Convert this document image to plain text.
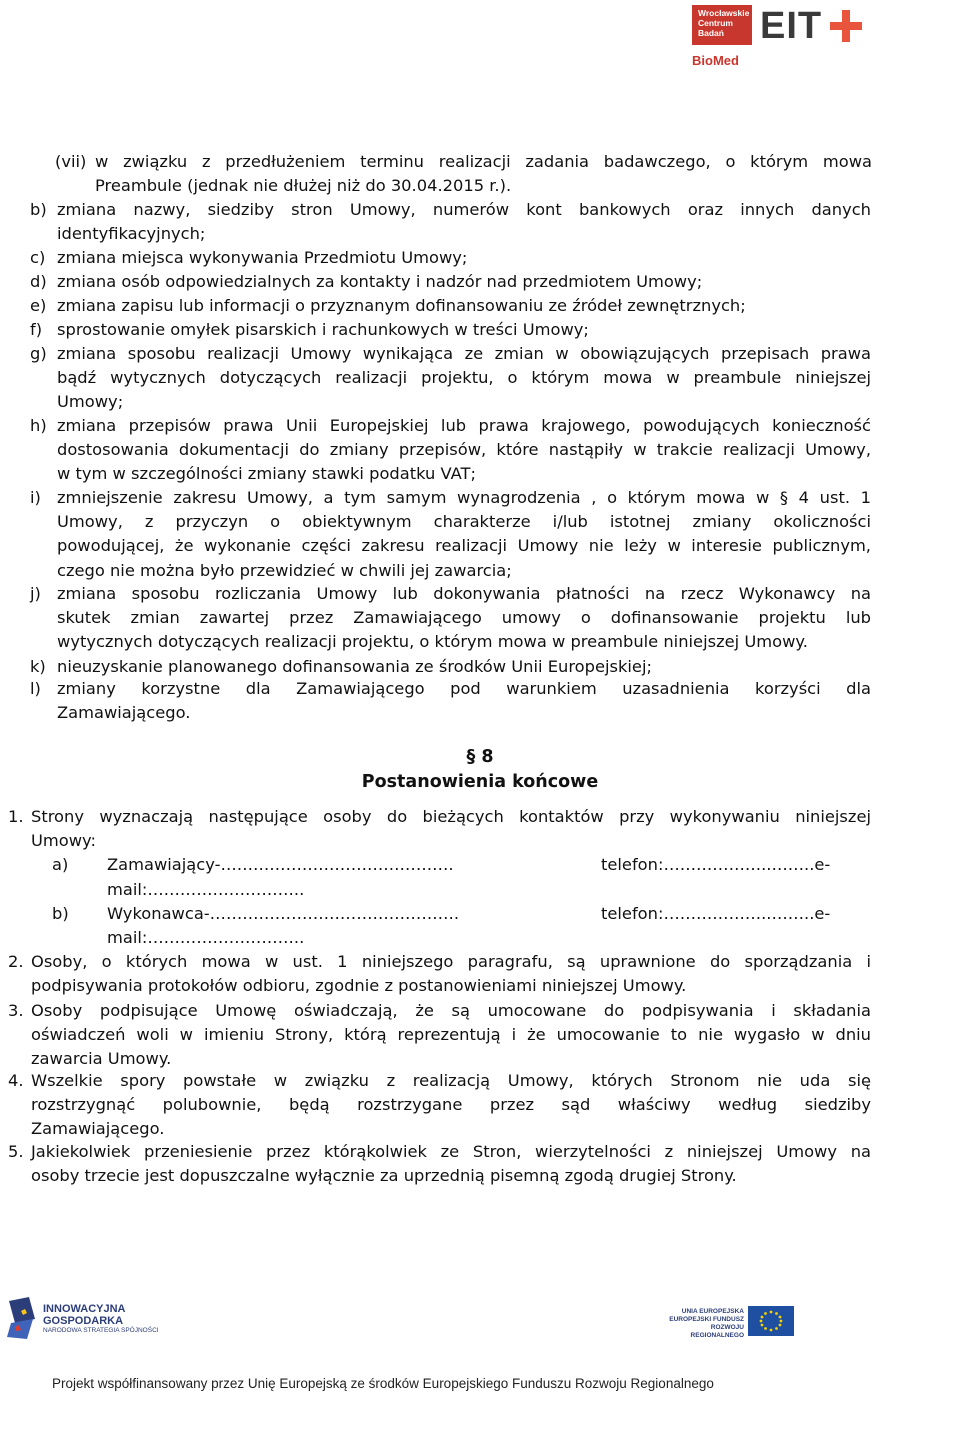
Wrocławskie
Centrum
Badań EIT
BioMed
(vii) w związku z przedłużeniem terminu realizacji zadania badawczego, o którym mowa
Preambule (jednak nie dłużej niż do 30.04.2015 r.).
b) zmiana nazwy, siedziby stron Umowy, numerów kont bankowych oraz innych danych
identyfikacyjnych;
c) zmiana miejsca wykonywania Przedmiotu Umowy;
d) zmiana osób odpowiedzialnych za kontakty i nadzór nad przedmiotem Umowy;
e) zmiana zapisu lub informacji o przyznanym dofinansowaniu ze źródeł zewnętrznych;
f) sprostowanie omyłek pisarskich i rachunkowych w treści Umowy;
g) zmiana sposobu realizacji Umowy wynikająca ze zmian w obowiązujących przepisach prawa
bądź wytycznych dotyczących realizacji projektu, o którym mowa w preambule niniejszej
Umowy;
h) zmiana przepisów prawa Unii Europejskiej lub prawa krajowego, powodujących konieczność
dostosowania dokumentacji do zmiany przepisów, które nastąpiły w trakcie realizacji Umowy,
w tym w szczególności zmiany stawki podatku VAT;
i) zmniejszenie zakresu Umowy, a tym samym wynagrodzenia , o którym mowa w § 4 ust. 1
Umowy, z przyczyn o obiektywnym charakterze i/lub istotnej zmiany okoliczności
powodującej, że wykonanie części zakresu realizacji Umowy nie leży w interesie publicznym,
czego nie można było przewidzieć w chwili jej zawarcia;
j) zmiana sposobu rozliczania Umowy lub dokonywania płatności na rzecz Wykonawcy na
skutek zmian zawartej przez Zamawiającego umowy o dofinansowanie projektu lub
wytycznych dotyczących realizacji projektu, o którym mowa w preambule niniejszej Umowy.
k) nieuzyskanie planowanego dofinansowania ze środków Unii Europejskiej;
l) zmiany korzystne dla Zamawiającego pod warunkiem uzasadnienia korzyści dla
Zamawiającego.
§ 8
Postanowienia końcowe
1. Strony wyznaczają następujące osoby do bieżących kontaktów przy wykonywaniu niniejszej
Umowy:
a) Zamawiający-…………………………………….	telefon:………………..……..e-
mail:………………………..
b) Wykonawca-……………………………………….	telefon:………………..……..e-
mail:………………………..
2. Osoby, o których mowa w ust. 1 niniejszego paragrafu, są uprawnione do sporządzania i
podpisywania protokołów odbioru, zgodnie z postanowieniami niniejszej Umowy.
3. Osoby podpisujące Umowę oświadczają, że są umocowane do podpisywania i składania
oświadczeń woli w imieniu Strony, którą reprezentują i że umocowanie to nie wygasło w dniu
zawarcia Umowy.
4. Wszelkie spory powstałe w związku z realizacją Umowy, których Stronom nie uda się
rozstrzygnąć polubownie, będą rozstrzygane przez sąd właściwy według siedziby
Zamawiającego.
5. Jakiekolwiek przeniesienie przez którąkolwiek ze Stron, wierzytelności z niniejszej Umowy na
osoby trzecie jest dopuszczalne wyłącznie za uprzednią pisemną zgodą drugiej Strony.
INNOWACYJNA
GOSPODARKA
NARODOWA STRATEGIA SPÓJNOŚCI
UNIA EUROPEJSKA
EUROPEJSKI FUNDUSZ
ROZWOJU REGIONALNEGO
Projekt współfinansowany przez Unię Europejską ze środków Europejskiego Funduszu Rozwoju Regionalnego
